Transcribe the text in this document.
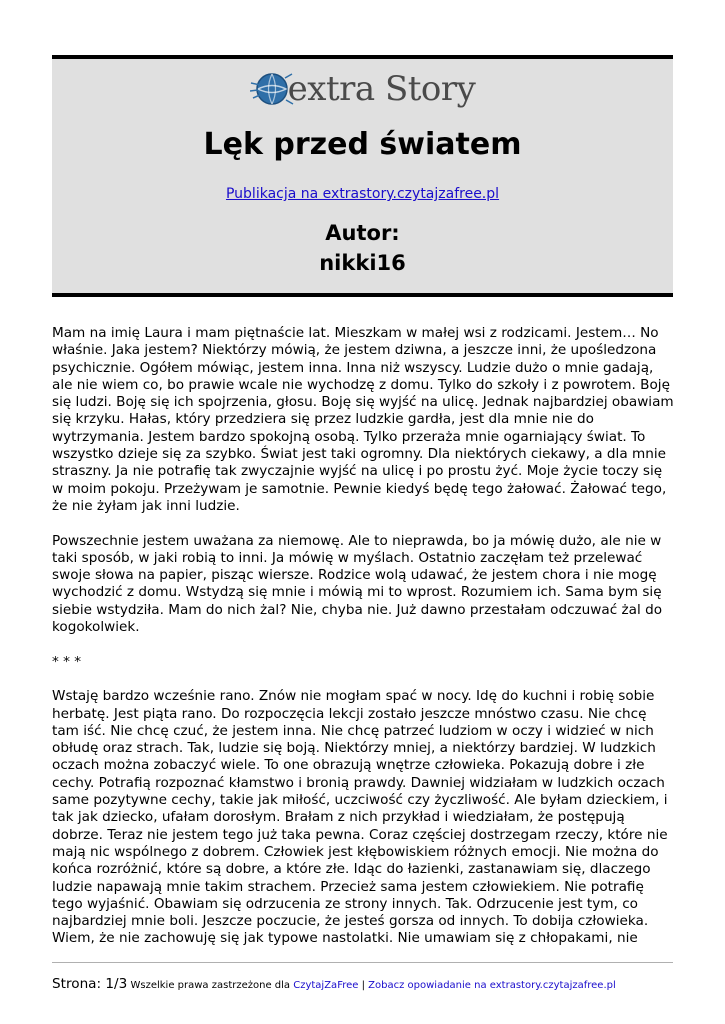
extra Story
Lęk przed światem
Publikacja na extrastory.czytajzafree.pl
Autor:
nikki16

Mam na imię Laura i mam piętnaście lat. Mieszkam w małej wsi z rodzicami. Jestem… No właśnie. Jaka jestem? Niektórzy mówią, że jestem dziwna, a jeszcze inni, że upośledzona psychicznie. Ogółem mówiąc, jestem inna. Inna niż wszyscy. Ludzie dużo o mnie gadają, ale nie wiem co, bo prawie wcale nie wychodzę z domu. Tylko do szkoły i z powrotem. Boję się ludzi. Boję się ich spojrzenia, głosu. Boję się wyjść na ulicę. Jednak najbardziej obawiam się krzyku. Hałas, który przedziera się przez ludzkie gardła, jest dla mnie nie do wytrzymania. Jestem bardzo spokojną osobą. Tylko przeraża mnie ogarniający świat. To wszystko dzieje się za szybko. Świat jest taki ogromny. Dla niektórych ciekawy, a dla mnie straszny. Ja nie potrafię tak zwyczajnie wyjść na ulicę i po prostu żyć. Moje życie toczy się w moim pokoju. Przeżywam je samotnie. Pewnie kiedyś będę tego żałować. Żałować tego, że nie żyłam jak inni ludzie.

Powszechnie jestem uważana za niemowę. Ale to nieprawda, bo ja mówię dużo, ale nie w taki sposób, w jaki robią to inni. Ja mówię w myślach. Ostatnio zaczęłam też przelewać swoje słowa na papier, pisząc wiersze. Rodzice wolą udawać, że jestem chora i nie mogę wychodzić z domu. Wstydzą się mnie i mówią mi to wprost. Rozumiem ich. Sama bym się siebie wstydziła. Mam do nich żal? Nie, chyba nie. Już dawno przestałam odczuwać żal do kogokolwiek.

* * *

Wstaję bardzo wcześnie rano. Znów nie mogłam spać w nocy. Idę do kuchni i robię sobie herbatę. Jest piąta rano. Do rozpoczęcia lekcji zostało jeszcze mnóstwo czasu. Nie chcę tam iść. Nie chcę czuć, że jestem inna. Nie chcę patrzeć ludziom w oczy i widzieć w nich obłudę oraz strach. Tak, ludzie się boją. Niektórzy mniej, a niektórzy bardziej. W ludzkich oczach można zobaczyć wiele. To one obrazują wnętrze człowieka. Pokazują dobre i złe cechy. Potrafią rozpoznać kłamstwo i bronią prawdy. Dawniej widziałam w ludzkich oczach same pozytywne cechy, takie jak miłość, uczciwość czy życzliwość. Ale byłam dzieckiem, i tak jak dziecko, ufałam dorosłym. Brałam z nich przykład i wiedziałam, że postępują dobrze. Teraz nie jestem tego już taka pewna. Coraz częściej dostrzegam rzeczy, które nie mają nic wspólnego z dobrem. Człowiek jest kłębowiskiem różnych emocji. Nie można do końca rozróżnić, które są dobre, a które złe. Idąc do łazienki, zastanawiam się, dlaczego ludzie napawają mnie takim strachem. Przecież sama jestem człowiekiem. Nie potrafię tego wyjaśnić. Obawiam się odrzucenia ze strony innych. Tak. Odrzucenie jest tym, co najbardziej mnie boli. Jeszcze poczucie, że jesteś gorsza od innych. To dobija człowieka. Wiem, że nie zachowuję się jak typowe nastolatki. Nie umawiam się z chłopakami, nie

Strona: 1/3 Wszelkie prawa zastrzeżone dla CzytajZaFree | Zobacz opowiadanie na extrastory.czytajzafree.pl
